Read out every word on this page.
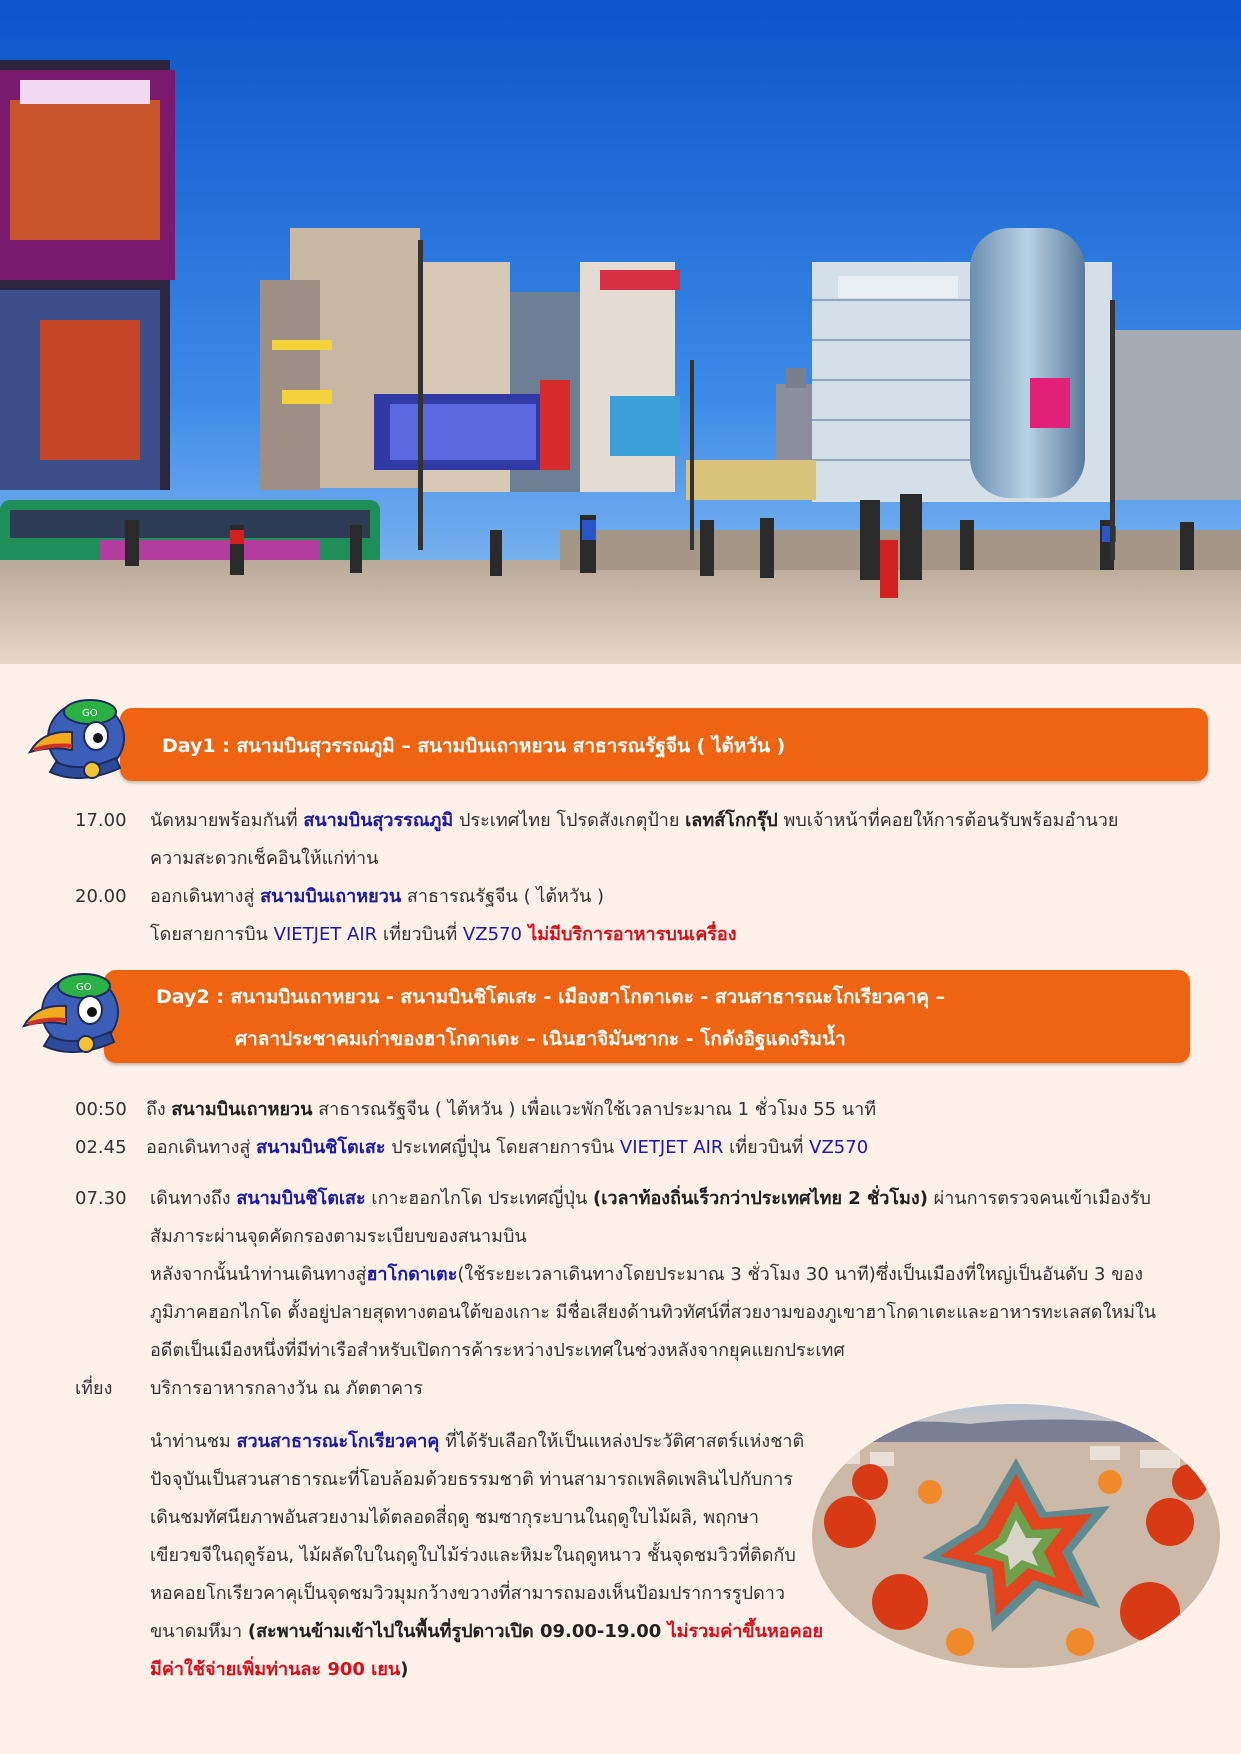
Day1 : สนามบินสุวรรณภูมิ – สนามบินเถาหยวน สาธารณรัฐจีน ( ไต้หวัน )
GO
17.00 นัดหมายพร้อมกันที่ สนามบินสุวรรณภูมิ ประเทศไทย โปรดสังเกตุป้าย เลทส์โกกรุ๊ป พบเจ้าหน้าที่คอยให้การต้อนรับพร้อมอำนวย
ความสะดวกเช็คอินให้แก่ท่าน
20.00 ออกเดินทางสู่ สนามบินเถาหยวน สาธารณรัฐจีน ( ไต้หวัน )
โดยสายการบิน VIETJET AIR เที่ยวบินที่ VZ570 ไม่มีบริการอาหารบนเครื่อง
Day2 : สนามบินเถาหยวน - สนามบินชิโตเสะ - เมืองฮาโกดาเตะ - สวนสาธารณะโกเรียวคาคุ –
ศาลาประชาคมเก่าของฮาโกดาเตะ – เนินฮาจิมันซากะ - โกดังอิฐแดงริมน้ำ
GO
00:50 ถึง สนามบินเถาหยวน สาธารณรัฐจีน ( ไต้หวัน ) เพื่อแวะพักใช้เวลาประมาณ 1 ชั่วโมง 55 นาที
02.45 ออกเดินทางสู่ สนามบินชิโตเสะ ประเทศญี่ปุ่น โดยสายการบิน VIETJET AIR เที่ยวบินที่ VZ570
07.30 เดินทางถึง สนามบินชิโตเสะ เกาะฮอกไกโด ประเทศญี่ปุ่น (เวลาท้องถิ่นเร็วกว่าประเทศไทย 2 ชั่วโมง) ผ่านการตรวจคนเข้าเมืองรับ
สัมภาระผ่านจุดคัดกรองตามระเบียบของสนามบิน
หลังจากนั้นนำท่านเดินทางสู่ฮาโกดาเตะ(ใช้ระยะเวลาเดินทางโดยประมาณ 3 ชั่วโมง 30 นาที)ซึ่งเป็นเมืองที่ใหญ่เป็นอันดับ 3 ของ
ภูมิภาคฮอกไกโด ตั้งอยู่ปลายสุดทางตอนใต้ของเกาะ มีชื่อเสียงด้านทิวทัศน์ที่สวยงามของภูเขาฮาโกดาเตะและอาหารทะเลสดใหม่ใน
อดีตเป็นเมืองหนึ่งที่มีท่าเรือสำหรับเปิดการค้าระหว่างประเทศในช่วงหลังจากยุคแยกประเทศ
เที่ยง บริการอาหารกลางวัน ณ ภัตตาคาร
นำท่านชม สวนสาธารณะโกเรียวคาคุ ที่ได้รับเลือกให้เป็นแหล่งประวัติศาสตร์แห่งชาติ
ปัจจุบันเป็นสวนสาธารณะที่โอบล้อมด้วยธรรมชาติ ท่านสามารถเพลิดเพลินไปกับการ
เดินชมทัศนียภาพอันสวยงามได้ตลอดสี่ฤดู ชมซากุระบานในฤดูใบไม้ผลิ, พฤกษา
เขียวขจีในฤดูร้อน, ไม้ผลัดใบในฤดูใบไม้ร่วงและหิมะในฤดูหนาว ชั้นจุดชมวิวที่ติดกับ
หอคอยโกเรียวคาคุเป็นจุดชมวิวมุมกว้างขวางที่สามารถมองเห็นป้อมปราการรูปดาว
ขนาดมหึมา (สะพานข้ามเข้าไปในพื้นที่รูปดาวเปิด 09.00-19.00 ไม่รวมค่าขึ้นหอคอย
มีค่าใช้จ่ายเพิ่มท่านละ 900 เยน)
